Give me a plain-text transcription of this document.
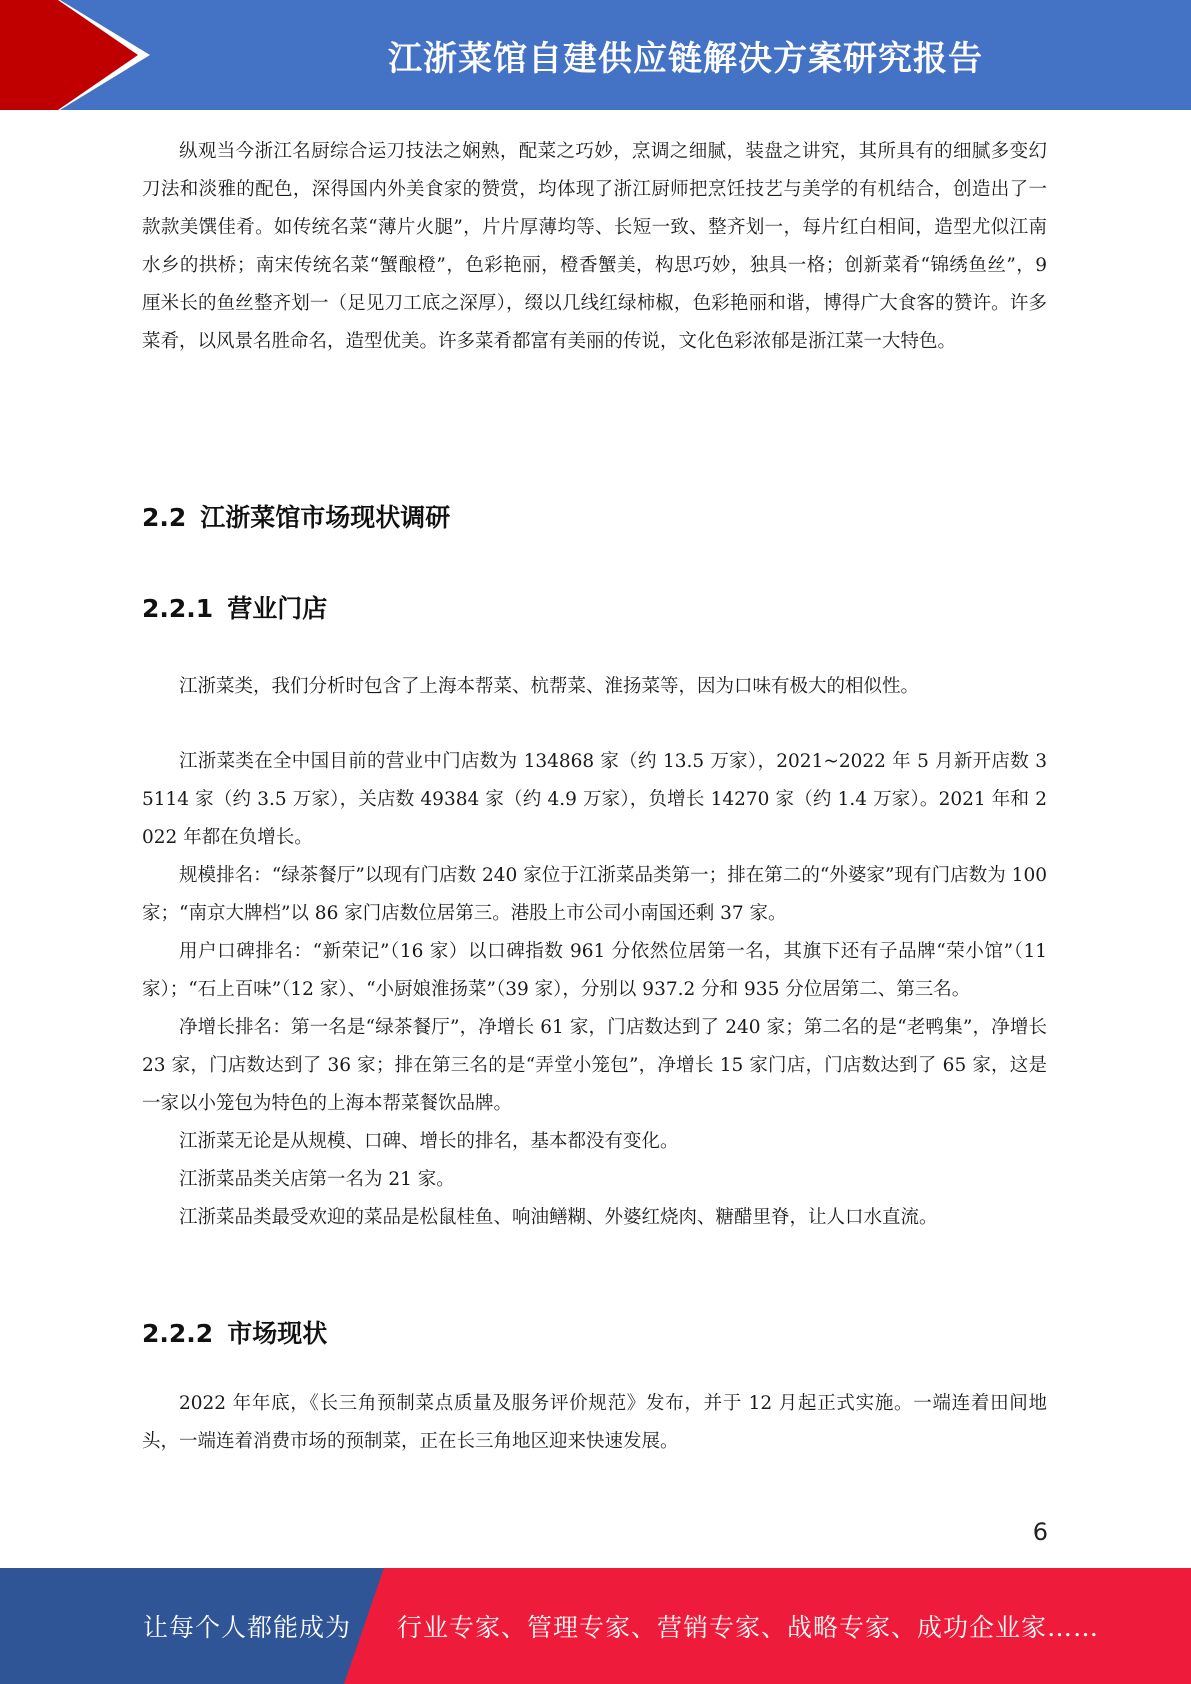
江浙菜馆自建供应链解决方案研究报告

纵观当今浙江名厨综合运刀技法之娴熟，配菜之巧妙，烹调之细腻，装盘之讲究，其所具有的细腻多变幻刀法和淡雅的配色，深得国内外美食家的赞赏，均体现了浙江厨师把烹饪技艺与美学的有机结合，创造出了一款款美馔佳肴。如传统名菜“薄片火腿”，片片厚薄均等、长短一致、整齐划一，每片红白相间，造型尤似江南水乡的拱桥；南宋传统名菜“蟹酿橙”，色彩艳丽，橙香蟹美，构思巧妙，独具一格；创新菜肴“锦绣鱼丝”，9 厘米长的鱼丝整齐划一（足见刀工底之深厚），缀以几线红绿柿椒，色彩艳丽和谐，博得广大食客的赞许。许多菜肴，以风景名胜命名，造型优美。许多菜肴都富有美丽的传说，文化色彩浓郁是浙江菜一大特色。

2.2 江浙菜馆市场现状调研
2.2.1 营业门店

江浙菜类，我们分析时包含了上海本帮菜、杭帮菜、淮扬菜等，因为口味有极大的相似性。

江浙菜类在全中国目前的营业中门店数为 134868 家（约 13.5 万家），2021~2022 年 5 月新开店数 35114 家（约 3.5 万家），关店数 49384 家（约 4.9 万家），负增长 14270 家（约 1.4 万家）。2021 年和 2022 年都在负增长。

规模排名：“绿茶餐厅”以现有门店数 240 家位于江浙菜品类第一；排在第二的“外婆家”现有门店数为 100 家；“南京大牌档”以 86 家门店数位居第三。港股上市公司小南国还剩 37 家。

用户口碑排名：“新荣记”（16 家）以口碑指数 961 分依然位居第一名，其旗下还有子品牌“荣小馆”（11 家）；“石上百味”（12 家）、“小厨娘淮扬菜”（39 家），分别以 937.2 分和 935 分位居第二、第三名。

净增长排名：第一名是“绿茶餐厅”，净增长 61 家，门店数达到了 240 家；第二名的是“老鸭集”，净增长 23 家，门店数达到了 36 家；排在第三名的是“弄堂小笼包”，净增长 15 家门店，门店数达到了 65 家，这是一家以小笼包为特色的上海本帮菜餐饮品牌。

江浙菜无论是从规模、口碑、增长的排名，基本都没有变化。

江浙菜品类关店第一名为 21 家。

江浙菜品类最受欢迎的菜品是松鼠桂鱼、响油鳝糊、外婆红烧肉、糖醋里脊，让人口水直流。

2.2.2 市场现状

2022 年年底，《长三角预制菜点质量及服务评价规范》发布，并于 12 月起正式实施。一端连着田间地头，一端连着消费市场的预制菜，正在长三角地区迎来快速发展。

6
让每个人都能成为 行业专家、管理专家、营销专家、战略专家、成功企业家……
